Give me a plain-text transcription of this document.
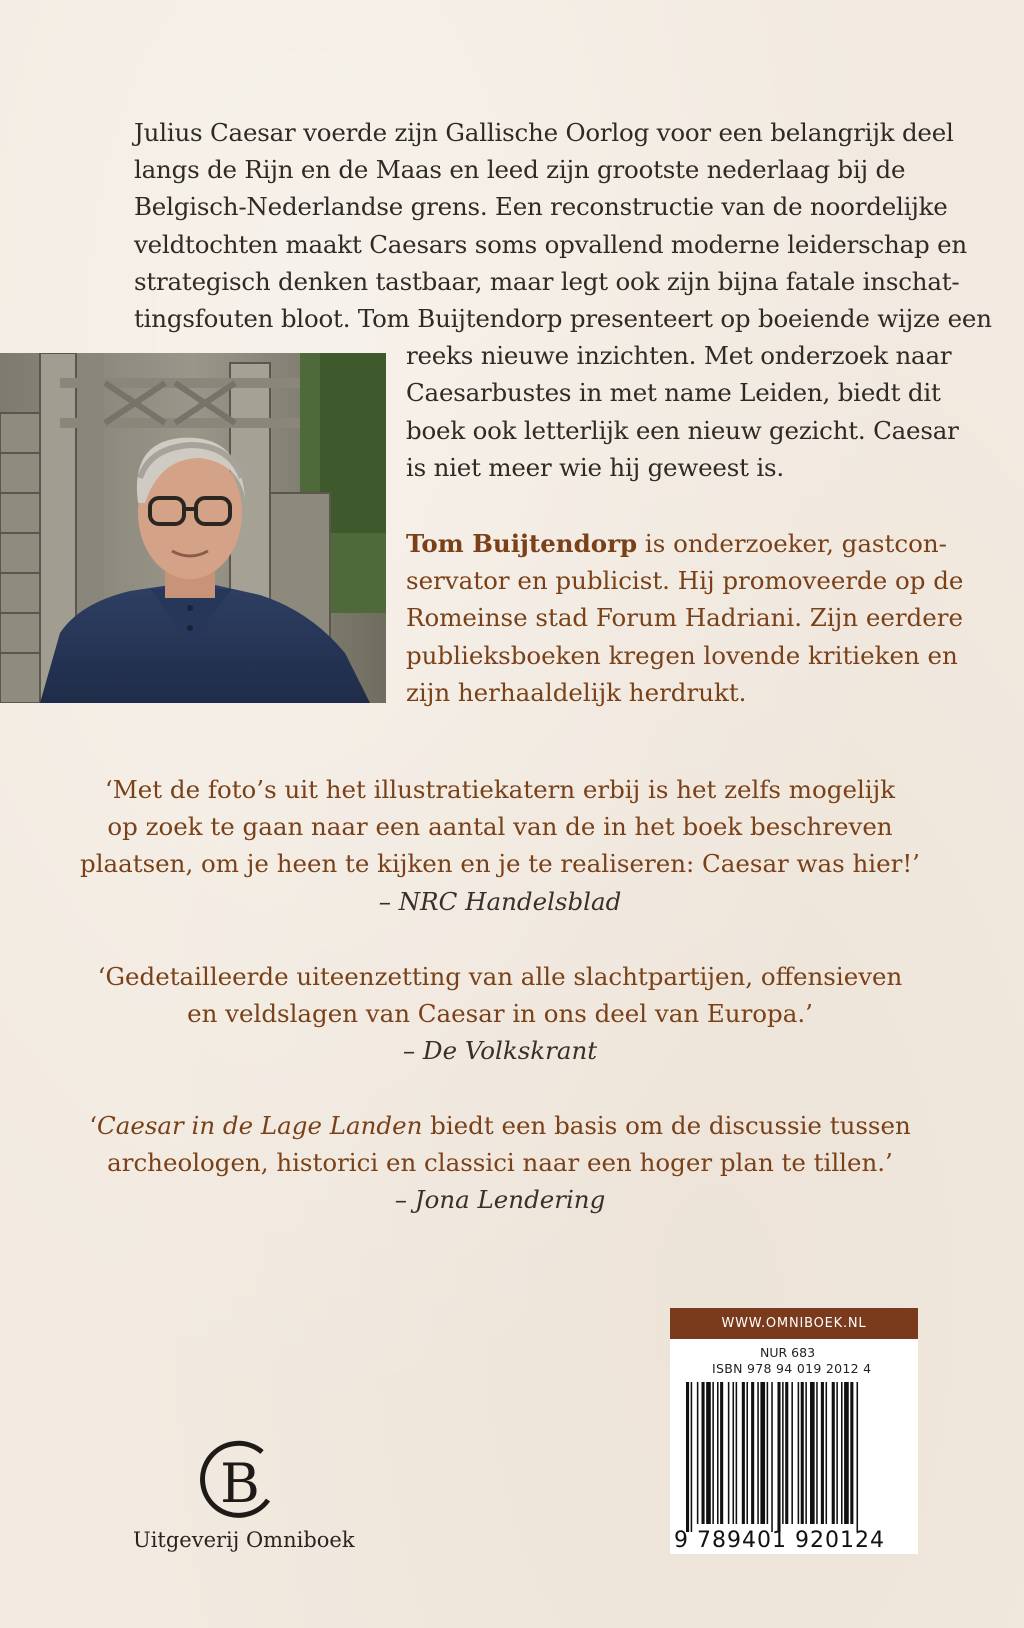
Julius Caesar voerde zijn Gallische Oorlog voor een belangrijk deel
langs de Rijn en de Maas en leed zijn grootste nederlaag bij de
Belgisch-Nederlandse grens. Een reconstructie van de noordelijke
veldtochten maakt Caesars soms opvallend moderne leiderschap en
strategisch denken tastbaar, maar legt ook zijn bijna fatale inschat-
tingsfouten bloot. Tom Buijtendorp presenteert op boeiende wijze een
reeks nieuwe inzichten. Met onderzoek naar
Caesarbustes in met name Leiden, biedt dit
boek ook letterlijk een nieuw gezicht. Caesar
is niet meer wie hij geweest is.
Tom Buijtendorp is onderzoeker, gastcon-
servator en publicist. Hij promoveerde op de
Romeinse stad Forum Hadriani. Zijn eerdere
publieksboeken kregen lovende kritieken en
zijn herhaaldelijk herdrukt.
‘Met de foto’s uit het illustratiekatern erbij is het zelfs mogelijk
op zoek te gaan naar een aantal van de in het boek beschreven
plaatsen, om je heen te kijken en je te realiseren: Caesar was hier!’
– NRC Handelsblad
‘Gedetailleerde uiteenzetting van alle slachtpartijen, offensieven
en veldslagen van Caesar in ons deel van Europa.’
– De Volkskrant
‘Caesar in de Lage Landen biedt een basis om de discussie tussen
archeologen, historici en classici naar een hoger plan te tillen.’
– Jona Lendering
B
Uitgeverij Omniboek
WWW.OMNIBOEK.NL
NUR 683
ISBN 978 94 019 2012 4
9 789401 920124
